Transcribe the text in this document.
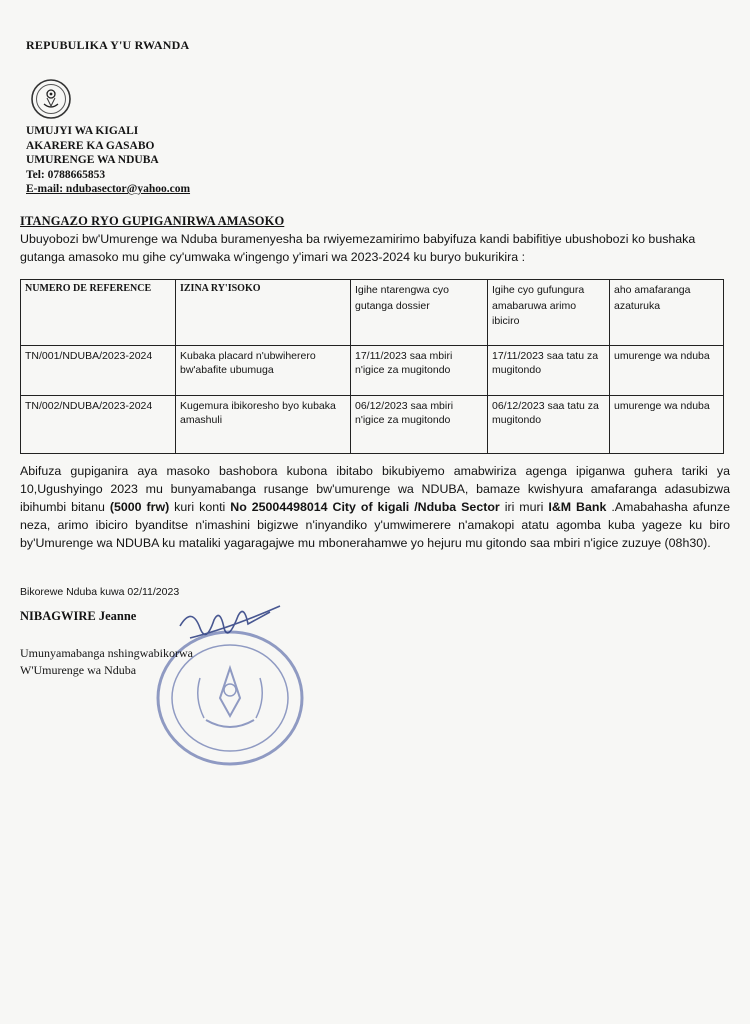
REPUBULIKA Y'U RWANDA
UMUJYI WA KIGALI
AKARERE KA GASABO
UMURENGE WA NDUBA
Tel: 0788665853
E-mail: ndubasector@yahoo.com
ITANGAZO RYO GUPIGANIRWA AMASOKO
Ubuyobozi bw'Umurenge wa Nduba buramenyesha ba rwiyemezamirimo babyifuza kandi babifitiye ubushobozi ko bushaka gutanga amasoko mu gihe cy'umwaka w'ingengo y'imari wa 2023-2024 ku buryo bukurikira :
NUMERO DE REFERENCE	IZINA RY'ISOKO	Igihe ntarengwa cyo gutanga dossier	Igihe cyo gufungura amabaruwa arimo ibiciro	aho amafaranga azaturuka
TN/001/NDUBA/2023-2024	Kubaka placard n'ubwiherero bw'abafite ubumuga	17/11/2023 saa mbiri n'igice za mugitondo	17/11/2023 saa tatu za mugitondo	umurenge wa nduba
TN/002/NDUBA/2023-2024	Kugemura ibikoresho byo kubaka amashuli	06/12/2023 saa mbiri n'igice za mugitondo	06/12/2023 saa tatu za mugitondo	umurenge wa nduba
Abifuza gupiganira aya masoko bashobora kubona ibitabo bikubiyemo amabwiriza agenga ipiganwa guhera tariki ya 10,Ugushyingo 2023 mu bunyamabanga rusange bw'umurenge wa NDUBA, bamaze kwishyura amafaranga adasubizwa ibihumbi bitanu (5000 frw) kuri konti No 25004498014 City of kigali /Nduba Sector iri muri I&M Bank .Amabahasha afunze neza, arimo ibiciro byanditse n'imashini bigizwe n'inyandiko y'umwimerere n'amakopi atatu agomba kuba yageze ku biro by'Umurenge wa NDUBA ku mataliki yagaragajwe mu mbonerahamwe yo hejuru mu gitondo saa mbiri n'igice zuzuye (08h30).
Bikorewe Nduba kuwa 02/11/2023
NIBAGWIRE Jeanne
Umunyamabanga nshingwabikorwa
W'Umurenge wa Nduba
